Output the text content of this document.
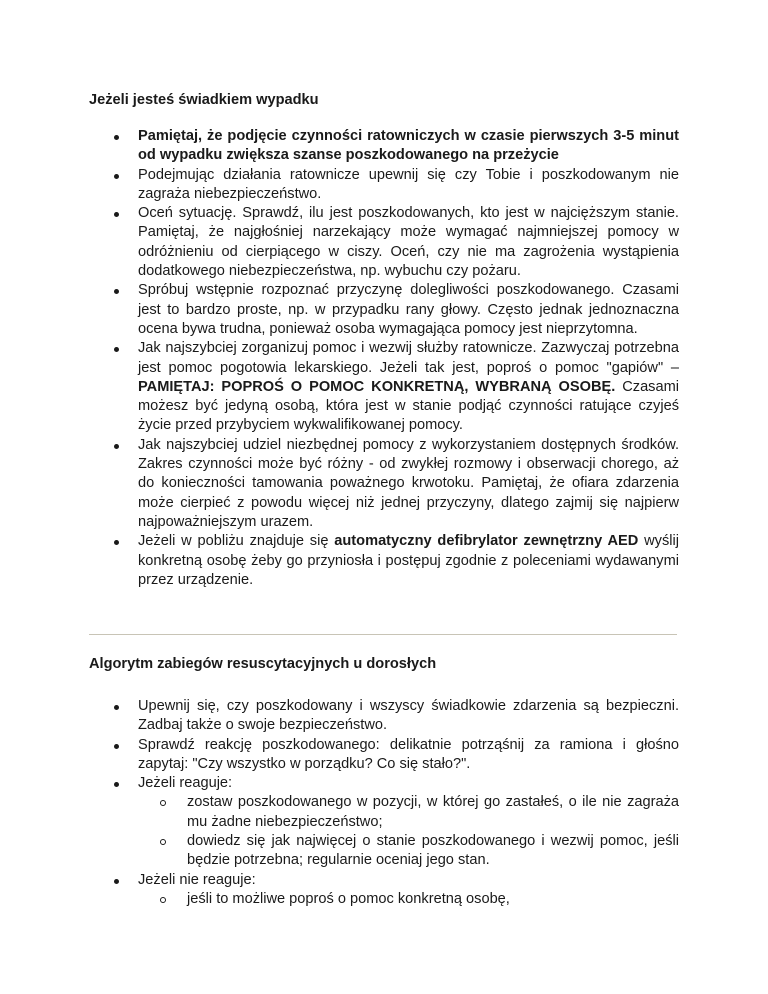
Jeżeli jesteś świadkiem wypadku
Pamiętaj, że podjęcie czynności ratowniczych w czasie pierwszych 3-5 minut od wypadku zwiększa szanse poszkodowanego na przeżycie
Podejmując działania ratownicze upewnij się czy Tobie i poszkodowanym nie zagraża niebezpieczeństwo.
Oceń sytuację. Sprawdź, ilu jest poszkodowanych, kto jest w najcięższym stanie. Pamiętaj, że najgłośniej narzekający może wymagać najmniejszej pomocy w odróżnieniu od cierpiącego w ciszy. Oceń, czy nie ma zagrożenia wystąpienia dodatkowego niebezpieczeństwa, np. wybuchu czy pożaru.
Spróbuj wstępnie rozpoznać przyczynę dolegliwości poszkodowanego. Czasami jest to bardzo proste, np. w przypadku rany głowy. Często jednak jednoznaczna ocena bywa trudna, ponieważ osoba wymagająca pomocy jest nieprzytomna.
Jak najszybciej zorganizuj pomoc i wezwij służby ratownicze. Zazwyczaj potrzebna jest pomoc pogotowia lekarskiego. Jeżeli tak jest, poproś o pomoc "gapiów" – PAMIĘTAJ: POPROŚ O POMOC KONKRETNĄ, WYBRANĄ OSOBĘ. Czasami możesz być jedyną osobą, która jest w stanie podjąć czynności ratujące czyjeś życie przed przybyciem wykwalifikowanej pomocy.
Jak najszybciej udziel niezbędnej pomocy z wykorzystaniem dostępnych środków. Zakres czynności może być różny - od zwykłej rozmowy i obserwacji chorego, aż do konieczności tamowania poważnego krwotoku. Pamiętaj, że ofiara zdarzenia może cierpieć z powodu więcej niż jednej przyczyny, dlatego zajmij się najpierw najpoważniejszym urazem.
Jeżeli w pobliżu znajduje się automatyczny defibrylator zewnętrzny AED wyślij konkretną osobę żeby go przyniosła i postępuj zgodnie z poleceniami wydawanymi przez urządzenie.
Algorytm zabiegów resuscytacyjnych u dorosłych
Upewnij się, czy poszkodowany i wszyscy świadkowie zdarzenia są bezpieczni. Zadbaj także o swoje bezpieczeństwo.
Sprawdź reakcję poszkodowanego: delikatnie potrząśnij za ramiona i głośno zapytaj: "Czy wszystko w porządku? Co się stało?".
Jeżeli reaguje:
zostaw poszkodowanego w pozycji, w której go zastałeś, o ile nie zagraża mu żadne niebezpieczeństwo;
dowiedz się jak najwięcej o stanie poszkodowanego i wezwij pomoc, jeśli będzie potrzebna; regularnie oceniaj jego stan.
Jeżeli nie reaguje:
jeśli to możliwe poproś o pomoc konkretną osobę,
